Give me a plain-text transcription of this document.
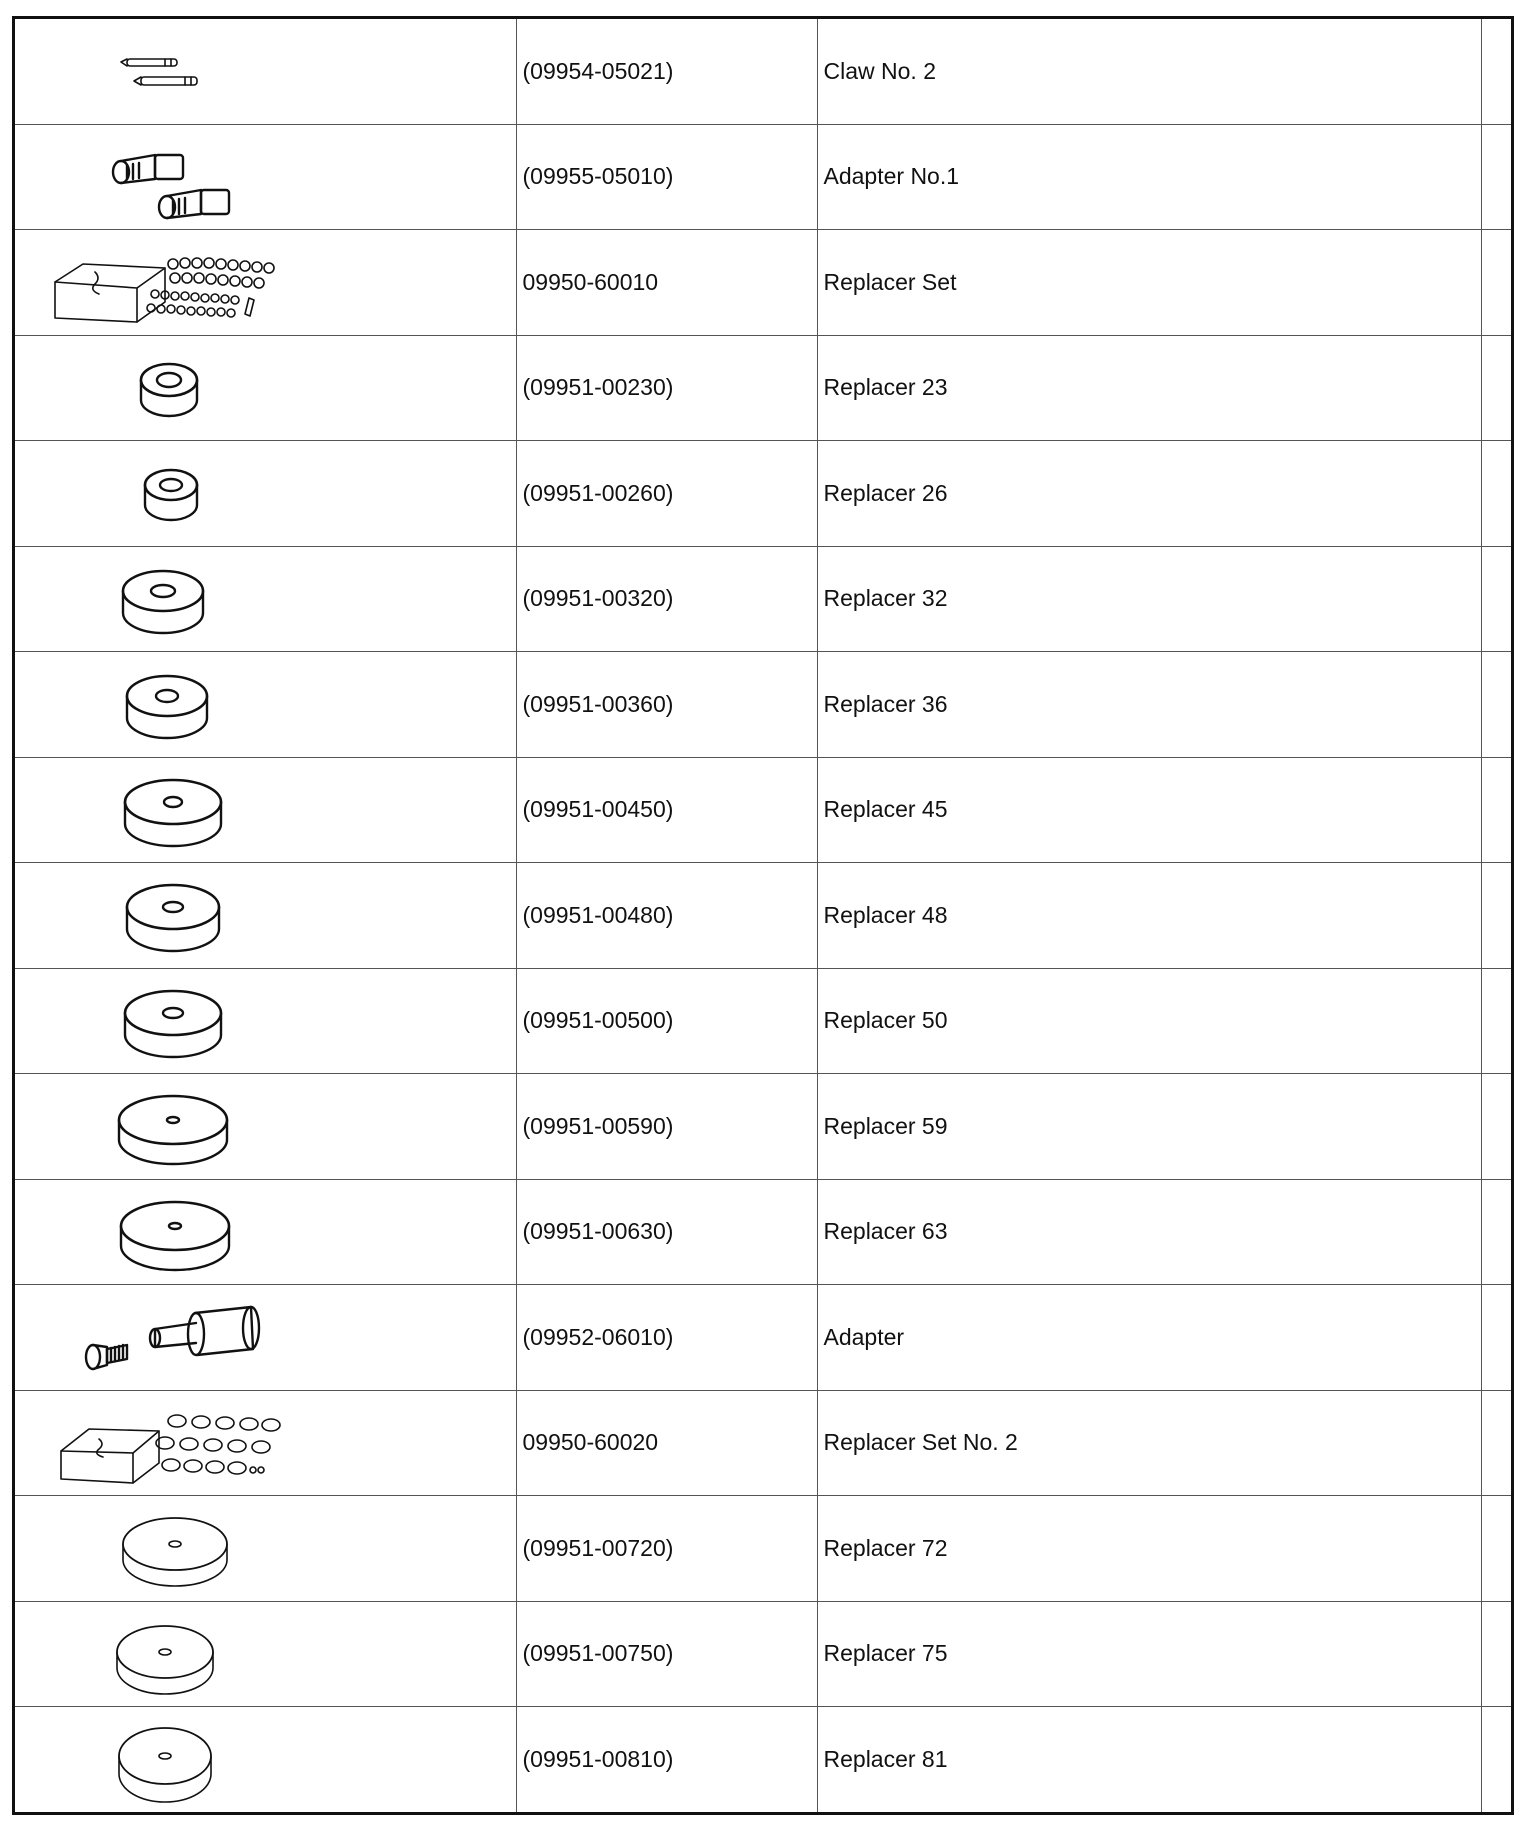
	(09954-05021)	Claw No. 2	

	(09955-05010)	Adapter No.1	

	09950-60010	Replacer Set	

	(09951-00230)	Replacer 23	

	(09951-00260)	Replacer 26	

	(09951-00320)	Replacer 32	

	(09951-00360)	Replacer 36	

	(09951-00450)	Replacer 45	

	(09951-00480)	Replacer 48	

	(09951-00500)	Replacer 50	

	(09951-00590)	Replacer 59	

	(09951-00630)	Replacer 63	

	(09952-06010)	Adapter	

	09950-60020	Replacer Set No. 2	

	(09951-00720)	Replacer 72	

	(09951-00750)	Replacer 75	

	(09951-00810)	Replacer 81	
